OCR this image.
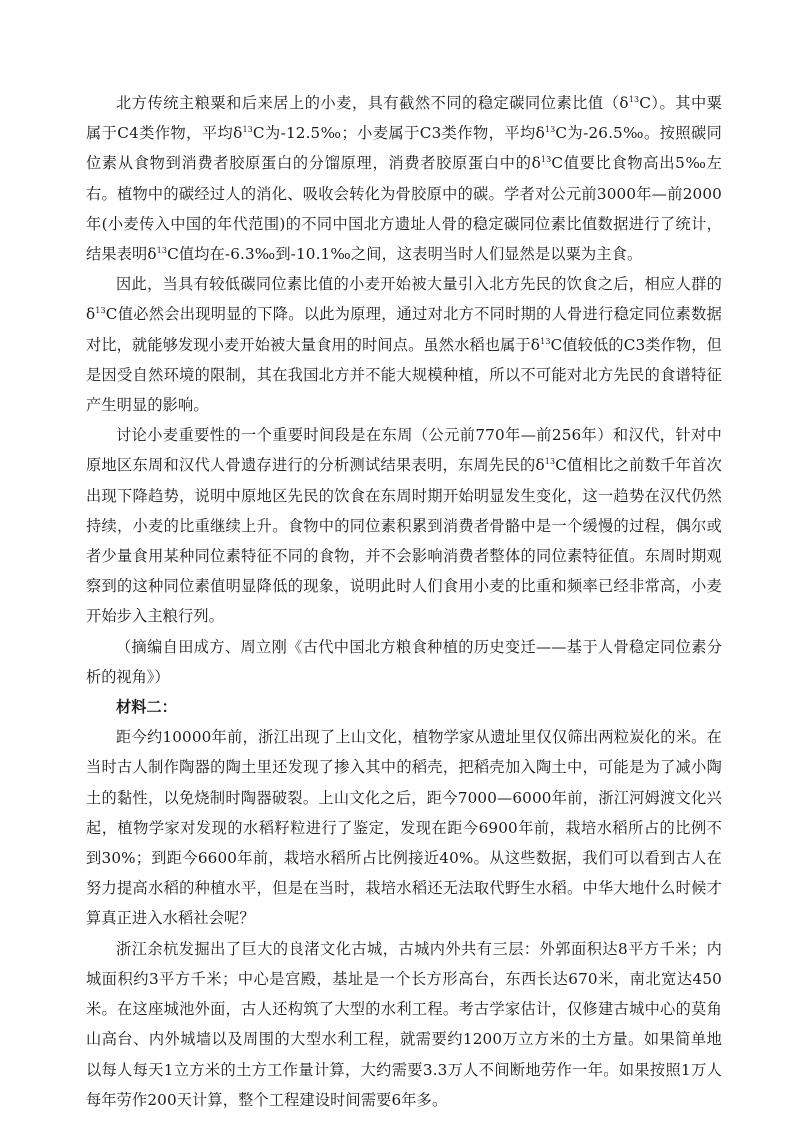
北方传统主粮粟和后来居上的小麦，具有截然不同的稳定碳同位素比值$(\delta^{13}C)$。其中粟属于C4类作物，平均$\delta^{13}C$为-12.5‰；小麦属于C3类作物，平均$\delta^{13}C$为-26.5‰。按照碳同位素从食物到消费者胶原蛋白的分馏原理，消费者胶原蛋白中的$\delta^{13}C$值要比食物高出5‰左右。植物中的碳经过人的消化、吸收会转化为骨胶原中的碳。学者对公元前3000年—前2000年(小麦传入中国的年代范围)的不同中国北方遗址人骨的稳定碳同位素比值数据进行了统计，结果表明$\delta^{13}C$值均在-6.3‰到-10.1‰之间，这表明当时人们显然是以粟为主食。

因此，当具有较低碳同位素比值的小麦开始被大量引入北方先民的饮食之后，相应人群的$\delta^{13}C$值必然会出现明显的下降。以此为原理，通过对北方不同时期的人骨进行稳定同位素数据对比，就能够发现小麦开始被大量食用的时间点。虽然水稻也属于$\delta^{13}C$值较低的C3类作物，但是因受自然环境的限制，其在我国北方并不能大规模种植，所以不可能对北方先民的食谱特征产生明显的影响。

讨论小麦重要性的一个重要时间段是在东周（公元前770年—前256年）和汉代，针对中原地区东周和汉代人骨遗存进行的分析测试结果表明，东周先民的$\delta^{13}C$值相比之前数千年首次出现下降趋势，说明中原地区先民的饮食在东周时期开始明显发生变化，这一趋势在汉代仍然持续，小麦的比重继续上升。食物中的同位素积累到消费者骨骼中是一个缓慢的过程，偶尔或者少量食用某种同位素特征不同的食物，并不会影响消费者整体的同位素特征值。东周时期观察到的这种同位素值明显降低的现象，说明此时人们食用小麦的比重和频率已经非常高，小麦开始步入主粮行列。

（摘编自田成方、周立刚《古代中国北方粮食种植的历史变迁——基于人骨稳定同位素分析的视角》）

材料二：

距今约10000年前，浙江出现了上山文化，植物学家从遗址里仅仅筛出两粒炭化的米。在当时古人制作陶器的陶土里还发现了掺入其中的稻壳，把稻壳加入陶土中，可能是为了减小陶土的黏性，以免烧制时陶器破裂。上山文化之后，距今7000—6000年前，浙江河姆渡文化兴起，植物学家对发现的水稻籽粒进行了鉴定，发现在距今6900年前，栽培水稻所占的比例不到30%；到距今6600年前，栽培水稻所占比例接近40%。从这些数据，我们可以看到古人在努力提高水稻的种植水平，但是在当时，栽培水稻还无法取代野生水稻。中华大地什么时候才算真正进入水稻社会呢？

浙江余杭发掘出了巨大的良渚文化古城，古城内外共有三层：外郭面积达8平方千米；内城面积约3平方千米；中心是宫殿，基址是一个长方形高台，东西长达670米，南北宽达450米。在这座城池外面，古人还构筑了大型的水利工程。考古学家估计，仅修建古城中心的莫角山高台、内外城墙以及周围的大型水利工程，就需要约1200万立方米的土方量。如果简单地以每人每天1立方米的土方工作量计算，大约需要3.3万人不间断地劳作一年。如果按照1万人每年劳作200天计算，整个工程建设时间需要6年多。
